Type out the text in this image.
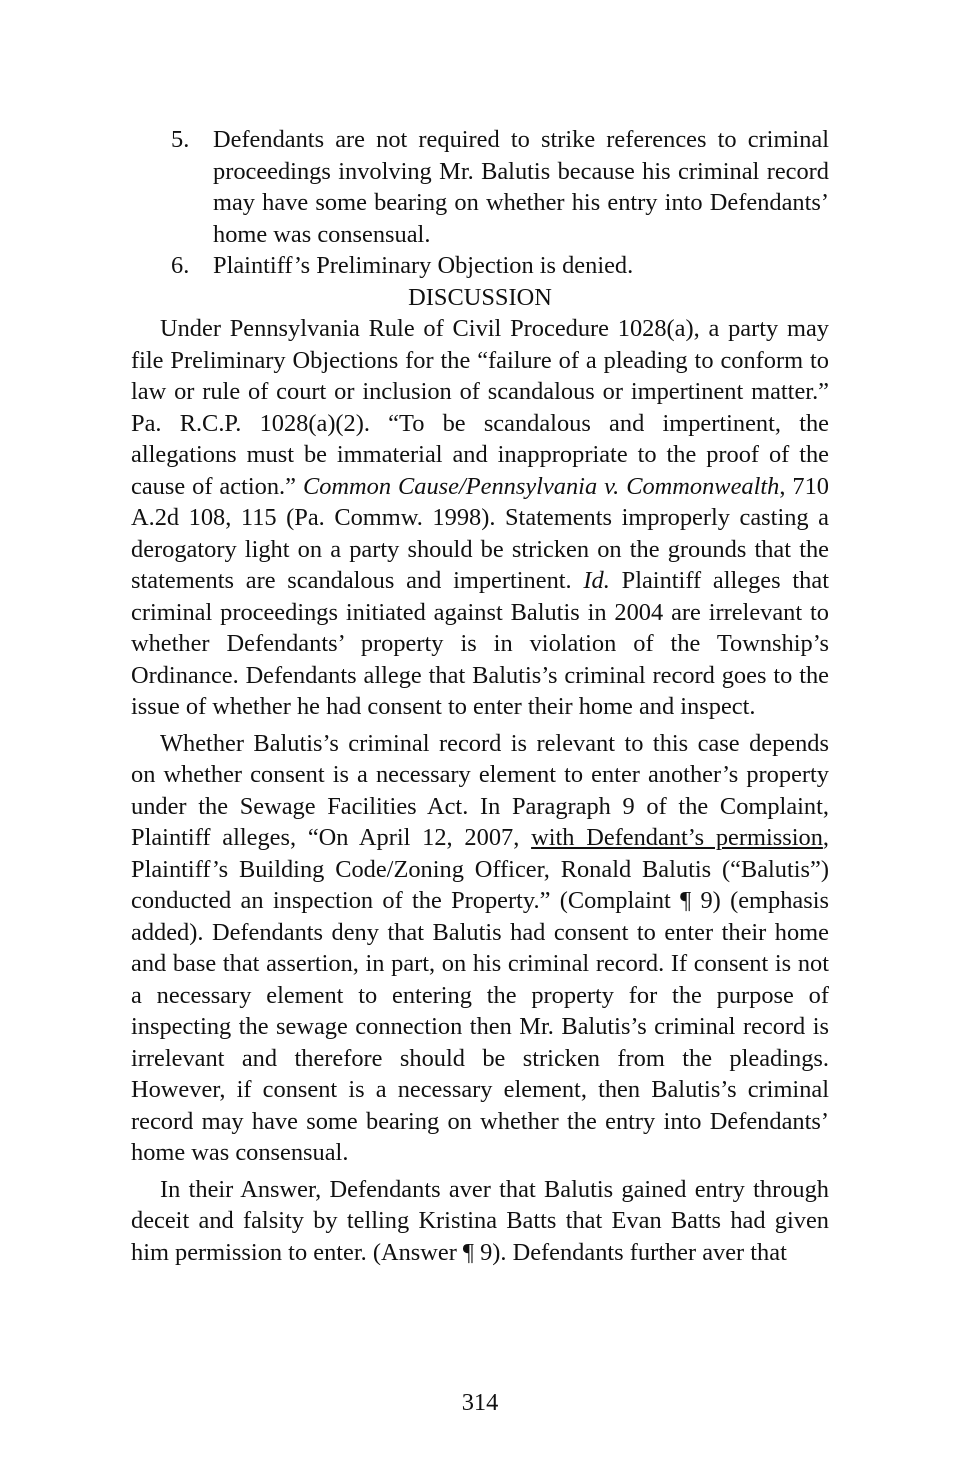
5. Defendants are not required to strike references to criminal proceedings involving Mr. Balutis because his criminal record may have some bearing on whether his entry into Defendants’ home was consensual.
6. Plaintiff’s Preliminary Objection is denied.
DISCUSSION

Under Pennsylvania Rule of Civil Procedure 1028(a), a party may file Preliminary Objections for the “failure of a pleading to conform to law or rule of court or inclusion of scandalous or impertinent matter.” Pa. R.C.P. 1028(a)(2). “To be scandalous and impertinent, the allegations must be immaterial and inappropriate to the proof of the cause of action.” Common Cause/Pennsylvania v. Commonwealth, 710 A.2d 108, 115 (Pa. Commw. 1998). Statements improperly casting a derogatory light on a party should be stricken on the grounds that the statements are scandalous and impertinent. Id. Plaintiff alleges that criminal proceedings initiated against Balutis in 2004 are irrelevant to whether Defendants’ property is in violation of the Township’s Ordinance. Defendants allege that Balutis’s criminal record goes to the issue of whether he had consent to enter their home and inspect.

Whether Balutis’s criminal record is relevant to this case depends on whether consent is a necessary element to enter another’s property under the Sewage Facilities Act. In Paragraph 9 of the Complaint, Plaintiff alleges, “On April 12, 2007, with Defendant’s permission, Plaintiff’s Building Code/Zoning Officer, Ronald Balutis (“Balutis”) conducted an inspection of the Property.” (Complaint ¶ 9) (emphasis added). Defendants deny that Balutis had consent to enter their home and base that assertion, in part, on his criminal record. If consent is not a necessary element to entering the property for the purpose of inspecting the sewage connection then Mr. Balutis’s criminal record is irrelevant and therefore should be stricken from the pleadings. However, if consent is a necessary element, then Balutis’s criminal record may have some bearing on whether the entry into Defendants’ home was consensual.

In their Answer, Defendants aver that Balutis gained entry through deceit and falsity by telling Kristina Batts that Evan Batts had given him permission to enter. (Answer ¶ 9). Defendants further aver that

314
